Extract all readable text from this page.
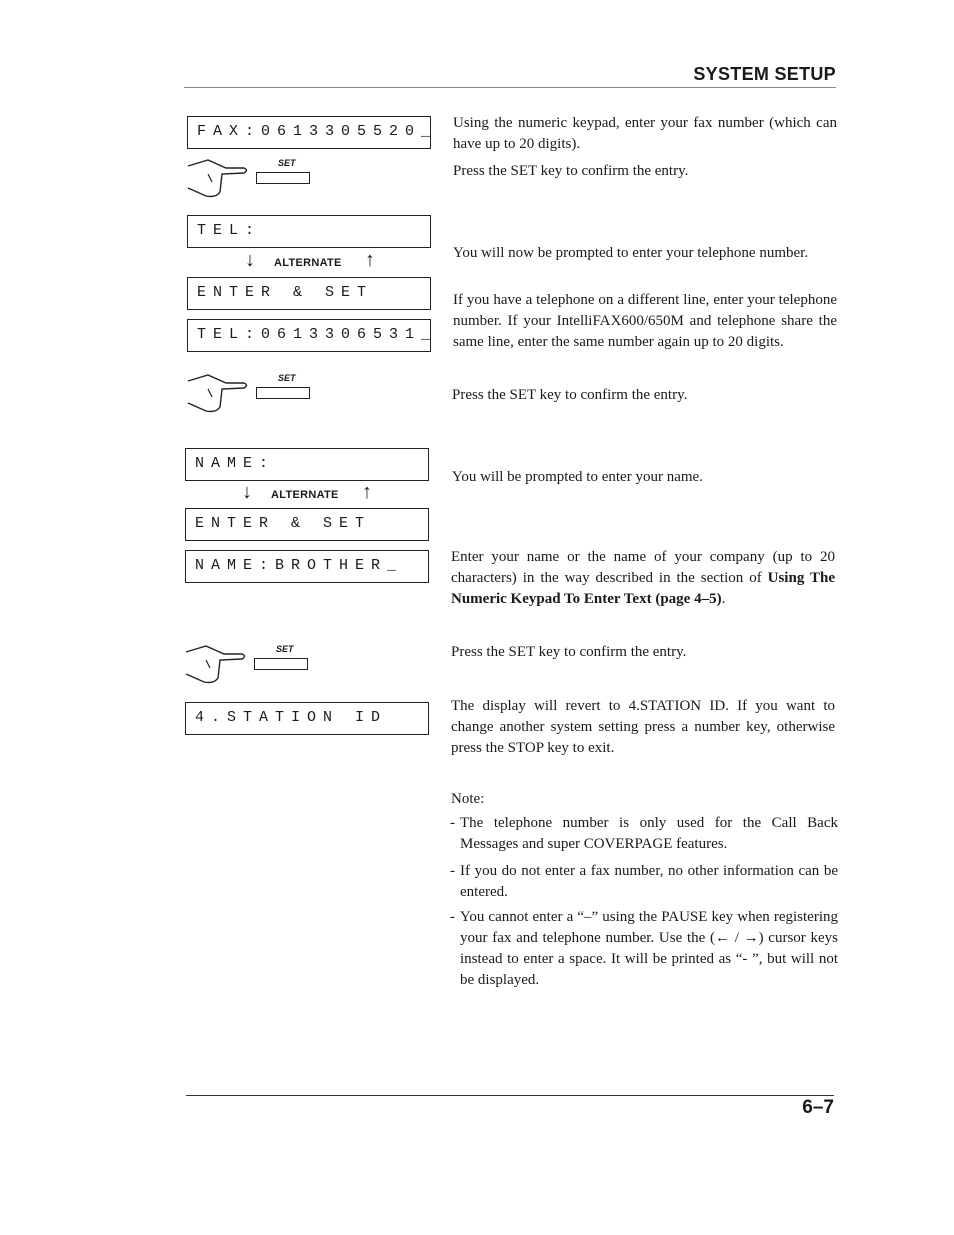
SYSTEM SETUP
FAX:0613305520_
SET
TEL:
↓ ALTERNATE ↑
ENTER & SET
TEL:0613306531_
SET
NAME:
↓ ALTERNATE ↑
ENTER & SET
NAME:BROTHER_
SET
4.STATION ID

Using the numeric keypad, enter your fax number (which can have up to 20 digits).

Press the SET key to confirm the entry.

You will now be prompted to enter your telephone number.

If you have a telephone on a different line, enter your telephone number. If your IntelliFAX600/650M and telephone share the same line, enter the same number again up to 20 digits.

Press the SET key to confirm the entry.

You will be prompted to enter your name.

Enter your name or the name of your company (up to 20 characters) in the way described in the section of Using The Numeric Keypad To Enter Text (page 4–5).

Press the SET key to confirm the entry.

The display will revert to 4.STATION ID. If you want to change another system setting press a number key, otherwise press the STOP key to exit.

Note:
- The telephone number is only used for the Call Back Messages and super COVERPAGE features.
- If you do not enter a fax number, no other information can be entered.
- You cannot enter a “–” using the PAUSE key when registering your fax and telephone number. Use the (← / →) cursor keys instead to enter a space. It will be printed as “- ”, but will not be displayed.
6–7
